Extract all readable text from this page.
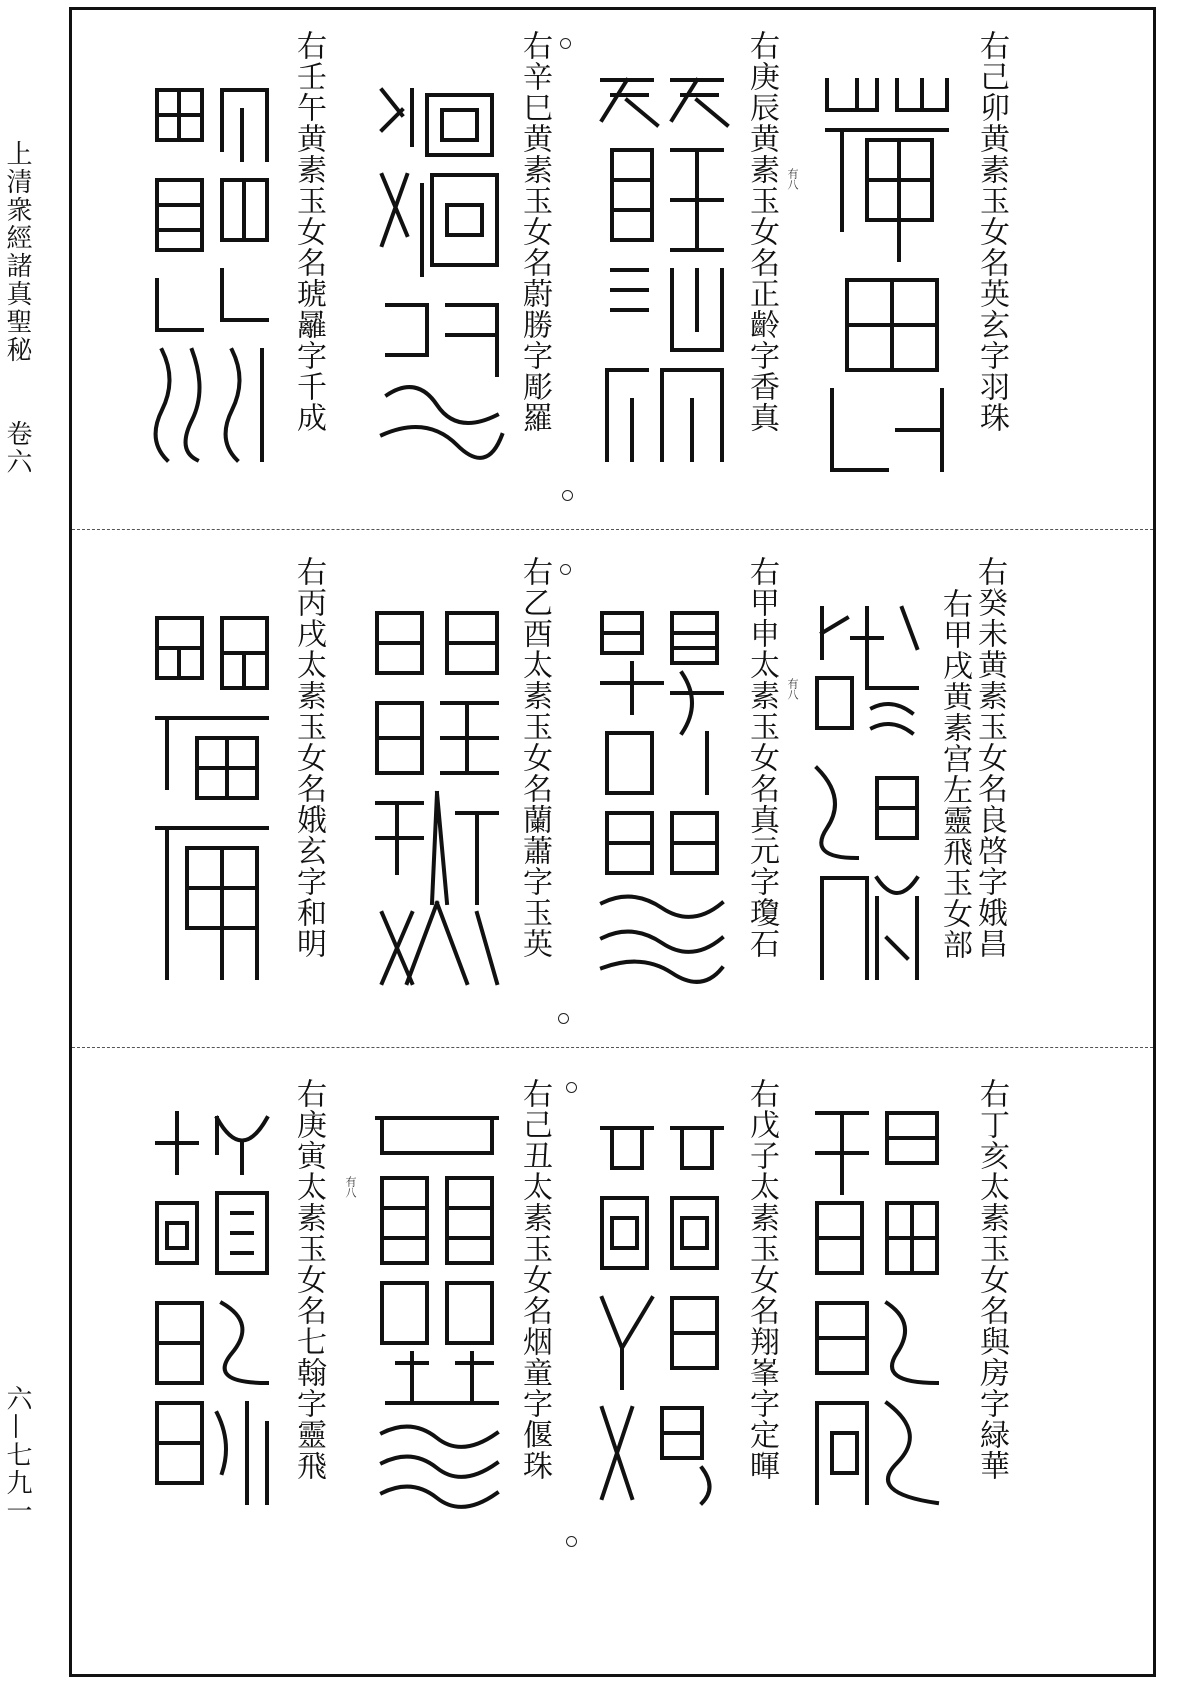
上清衆經諸真聖秘
卷六
六—七九一
右己卯黄素玉女名英玄字羽珠
右庚辰黄素玉女名正齡字香真 有八
右辛巳黄素玉女名蔚勝字彫羅
右壬午黄素玉女名琥㒿字千成
右癸未黄素玉女名良啓字娥昌
右甲戌黄素宫左靈飛玉女部
右甲申太素玉女名真元字瓊石 有八
右乙酉太素玉女名蘭蕭字玉英
右丙戌太素玉女名娥玄字和明
右丁亥太素玉女名與房字緑華
右戊子太素玉女名翔峯字定暉
右己丑太素玉女名烟童字偃珠
右庚寅太素玉女名七翰字靈飛 有八
